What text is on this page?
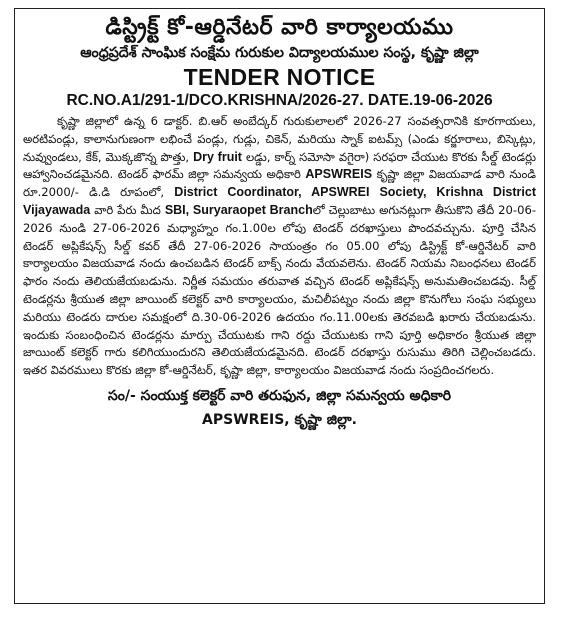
డిస్ట్రిక్ట్ కో-ఆర్డినేటర్ వారి కార్యాలయము
ఆంధ్రప్రదేశ్ సాంఘిక సంక్షేమ గురుకుల విద్యాలయముల సంస్థ, కృష్ణా జిల్లా
TENDER NOTICE
RC.NO.A1/291-1/DCO.KRISHNA/2026-27. DATE.19-06-2026
కృష్ణా జిల్లాలో ఉన్న 6 డాక్టర్. బి.ఆర్ అంబేద్కర్ గురుకులాలలో 2026-27 సంవత్సరానికి కూరగాయలు, అరటిపండ్లు, కాలానుగుణంగా లభించే పండ్లు, గుడ్లు, చికెన్, మరియు స్నాక్ ఐటమ్స్ (ఎండు కర్జూరాలు, బిస్కెట్లు, నువ్వుండలు, కేక్, మొక్కజొన్న పొత్తు, Dry fruit లడ్డు, కార్న్ సమోసా వగైరా) సరఫరా చేయుట కొరకు సీల్డ్ టెండర్లు ఆహ్వానించడమైనది. టెండర్ ఫారమ్ జిల్లా సమన్వయ అధికారి APSWREIS కృష్ణా జిల్లా విజయవాడ వారి నుండి రూ.2000/- డి.డి రూపంలో, District Coordinator, APSWREI Society, Krishna District Vijayawada వారి పేరు మీద SBI, Suryaraopet Branchలో చెల్లుబాటు అగునట్లుగా తీసుకొని తేదీ 20-06-2026 నుండి 27-06-2026 మధ్యాహ్నం గం.1.00ల లోపు టెండర్ దరఖాస్తులు పొందవచ్చును. పూర్తి చేసిన టెండర్ అప్లికేషన్స్ సీల్డ్ కవర్ తేదీ 27-06-2026 సాయంత్రం గం 05.00 లోపు డిస్ట్రిక్ట్ కో-ఆర్డినేటర్ వారి కార్యాలయం విజయవాడ నందు ఉంచబడిన టెండర్ బాక్స్ నందు వేయవలెను. టెండర్ నియమ నిబంధనలు టెండర్ ఫారం నందు తెలియజేయబడును. నిర్ణీత సమయం తరువాత వచ్చిన టెండర్ అప్లికేషన్స్ అనుమతించబడవు. సీల్డ్ టెండర్లను శ్రీయుత జిల్లా జాయింట్ కలెక్టర్ వారి కార్యాలయం, మచిలీపట్నం నందు జిల్లా కొనుగోలు సంఘ సభ్యులు మరియు టెండరు దారుల సమక్షంలో ది.30-06-2026 ఉదయం గం.11.00లకు తెరవబడి ఖరారు చేయబడును. ఇందుకు సంబంధించిన టెండర్లను మార్పు చేయుటకు గాని రద్దు చేయుటకు గాని పూర్తి అధికారం శ్రీయుత జిల్లా జాయింట్ కలెక్టర్ గారు కలిగియుందురని తెలియజేయడమైనది. టెండర్ దరఖాస్తు రుసుము తిరిగి చెల్లించబడదు. ఇతర వివరములు కొరకు జిల్లా కో-ఆర్డినేటర్, కృష్ణా జిల్లా, కార్యాలయం విజయవాడ నందు సంప్రదించగలరు.
సం/- సంయుక్త కలెక్టర్ వారి తరుఫున, జిల్లా సమన్వయ అధికారి
APSWREIS, కృష్ణా జిల్లా.
